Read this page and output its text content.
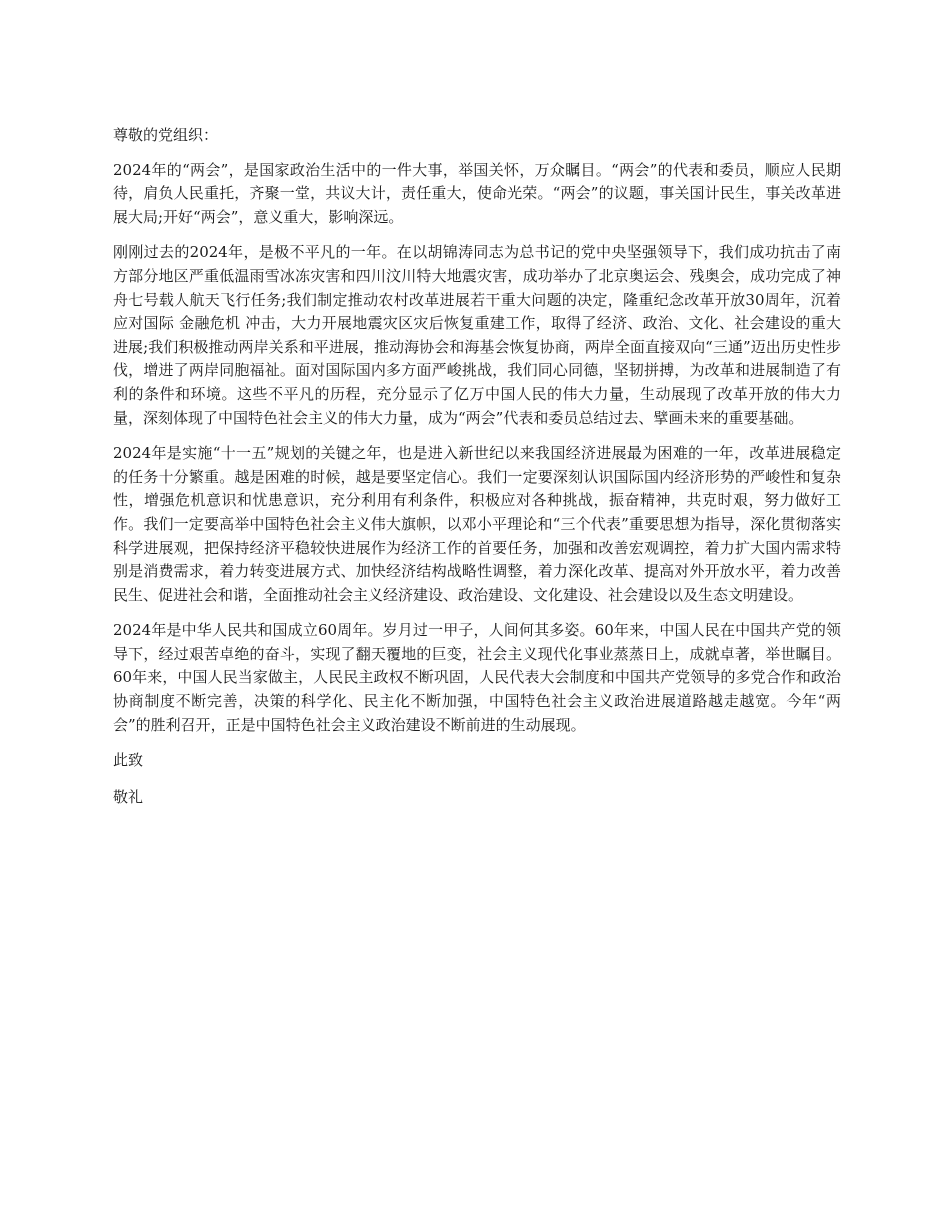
尊敬的党组织：

2024年的“两会”，是国家政治生活中的一件大事，举国关怀，万众瞩目。“两会”的代表和委员，顺应人民期待，肩负人民重托，齐聚一堂，共议大计，责任重大，使命光荣。“两会”的议题，事关国计民生，事关改革进展大局;开好“两会”，意义重大，影响深远。

刚刚过去的2024年，是极不平凡的一年。在以胡锦涛同志为总书记的党中央坚强领导下，我们成功抗击了南方部分地区严重低温雨雪冰冻灾害和四川汶川特大地震灾害，成功举办了北京奥运会、残奥会，成功完成了神舟七号载人航天飞行任务;我们制定推动农村改革进展若干重大问题的决定，隆重纪念改革开放30周年，沉着应对国际 金融危机 冲击，大力开展地震灾区灾后恢复重建工作，取得了经济、政治、文化、社会建设的重大进展;我们积极推动两岸关系和平进展，推动海协会和海基会恢复协商，两岸全面直接双向“三通”迈出历史性步伐，增进了两岸同胞福祉。面对国际国内多方面严峻挑战，我们同心同德，坚韧拼搏，为改革和进展制造了有利的条件和环境。这些不平凡的历程，充分显示了亿万中国人民的伟大力量，生动展现了改革开放的伟大力量，深刻体现了中国特色社会主义的伟大力量，成为“两会”代表和委员总结过去、擘画未来的重要基础。

2024年是实施“十一五”规划的关键之年，也是进入新世纪以来我国经济进展最为困难的一年，改革进展稳定的任务十分繁重。越是困难的时候，越是要坚定信心。我们一定要深刻认识国际国内经济形势的严峻性和复杂性，增强危机意识和忧患意识，充分利用有利条件，积极应对各种挑战，振奋精神，共克时艰，努力做好工作。我们一定要高举中国特色社会主义伟大旗帜，以邓小平理论和“三个代表”重要思想为指导，深化贯彻落实科学进展观，把保持经济平稳较快进展作为经济工作的首要任务，加强和改善宏观调控，着力扩大国内需求特别是消费需求，着力转变进展方式、加快经济结构战略性调整，着力深化改革、提高对外开放水平，着力改善民生、促进社会和谐，全面推动社会主义经济建设、政治建设、文化建设、社会建设以及生态文明建设。

2024年是中华人民共和国成立60周年。岁月过一甲子，人间何其多姿。60年来，中国人民在中国共产党的领导下，经过艰苦卓绝的奋斗，实现了翻天覆地的巨变，社会主义现代化事业蒸蒸日上，成就卓著，举世瞩目。60年来，中国人民当家做主，人民民主政权不断巩固，人民代表大会制度和中国共产党领导的多党合作和政治协商制度不断完善，决策的科学化、民主化不断加强，中国特色社会主义政治进展道路越走越宽。今年“两会”的胜利召开，正是中国特色社会主义政治建设不断前进的生动展现。

此致

敬礼
